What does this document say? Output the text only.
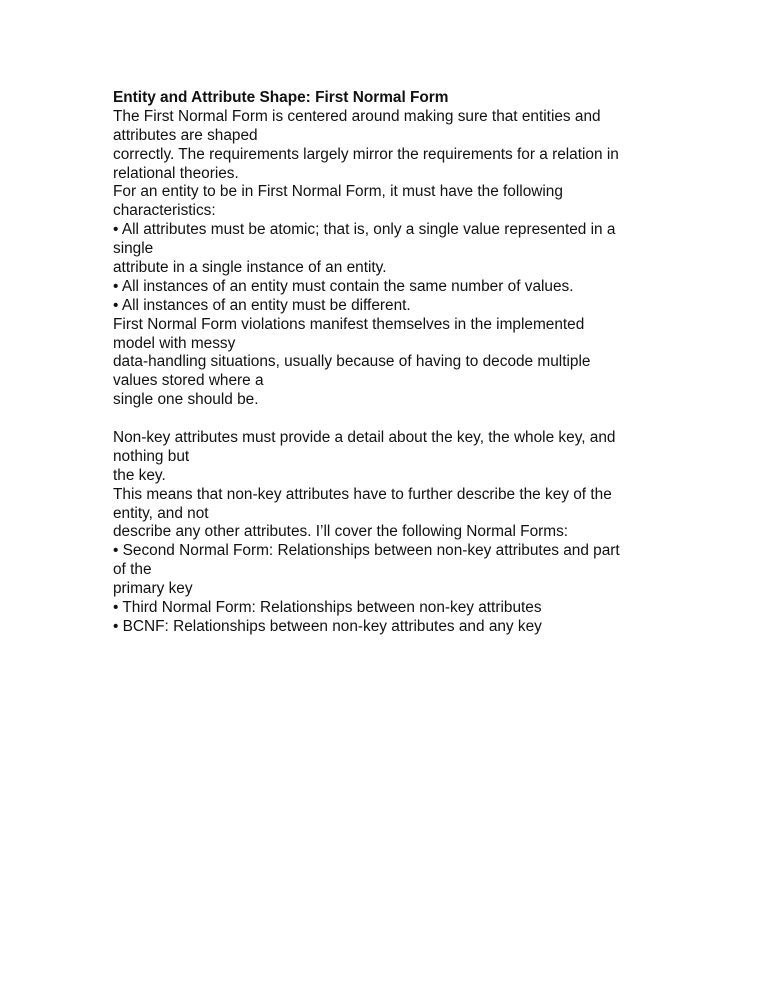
Entity and Attribute Shape: First Normal Form
The First Normal Form is centered around making sure that entities and
attributes are shaped
correctly. The requirements largely mirror the requirements for a relation in
relational theories.
For an entity to be in First Normal Form, it must have the following
characteristics:
• All attributes must be atomic; that is, only a single value represented in a
single
attribute in a single instance of an entity.
• All instances of an entity must contain the same number of values.
• All instances of an entity must be different.
First Normal Form violations manifest themselves in the implemented
model with messy
data-handling situations, usually because of having to decode multiple
values stored where a
single one should be.
Non-key attributes must provide a detail about the key, the whole key, and
nothing but
the key.
This means that non-key attributes have to further describe the key of the
entity, and not
describe any other attributes. I’ll cover the following Normal Forms:
• Second Normal Form: Relationships between non-key attributes and part
of the
primary key
• Third Normal Form: Relationships between non-key attributes
• BCNF: Relationships between non-key attributes and any key
